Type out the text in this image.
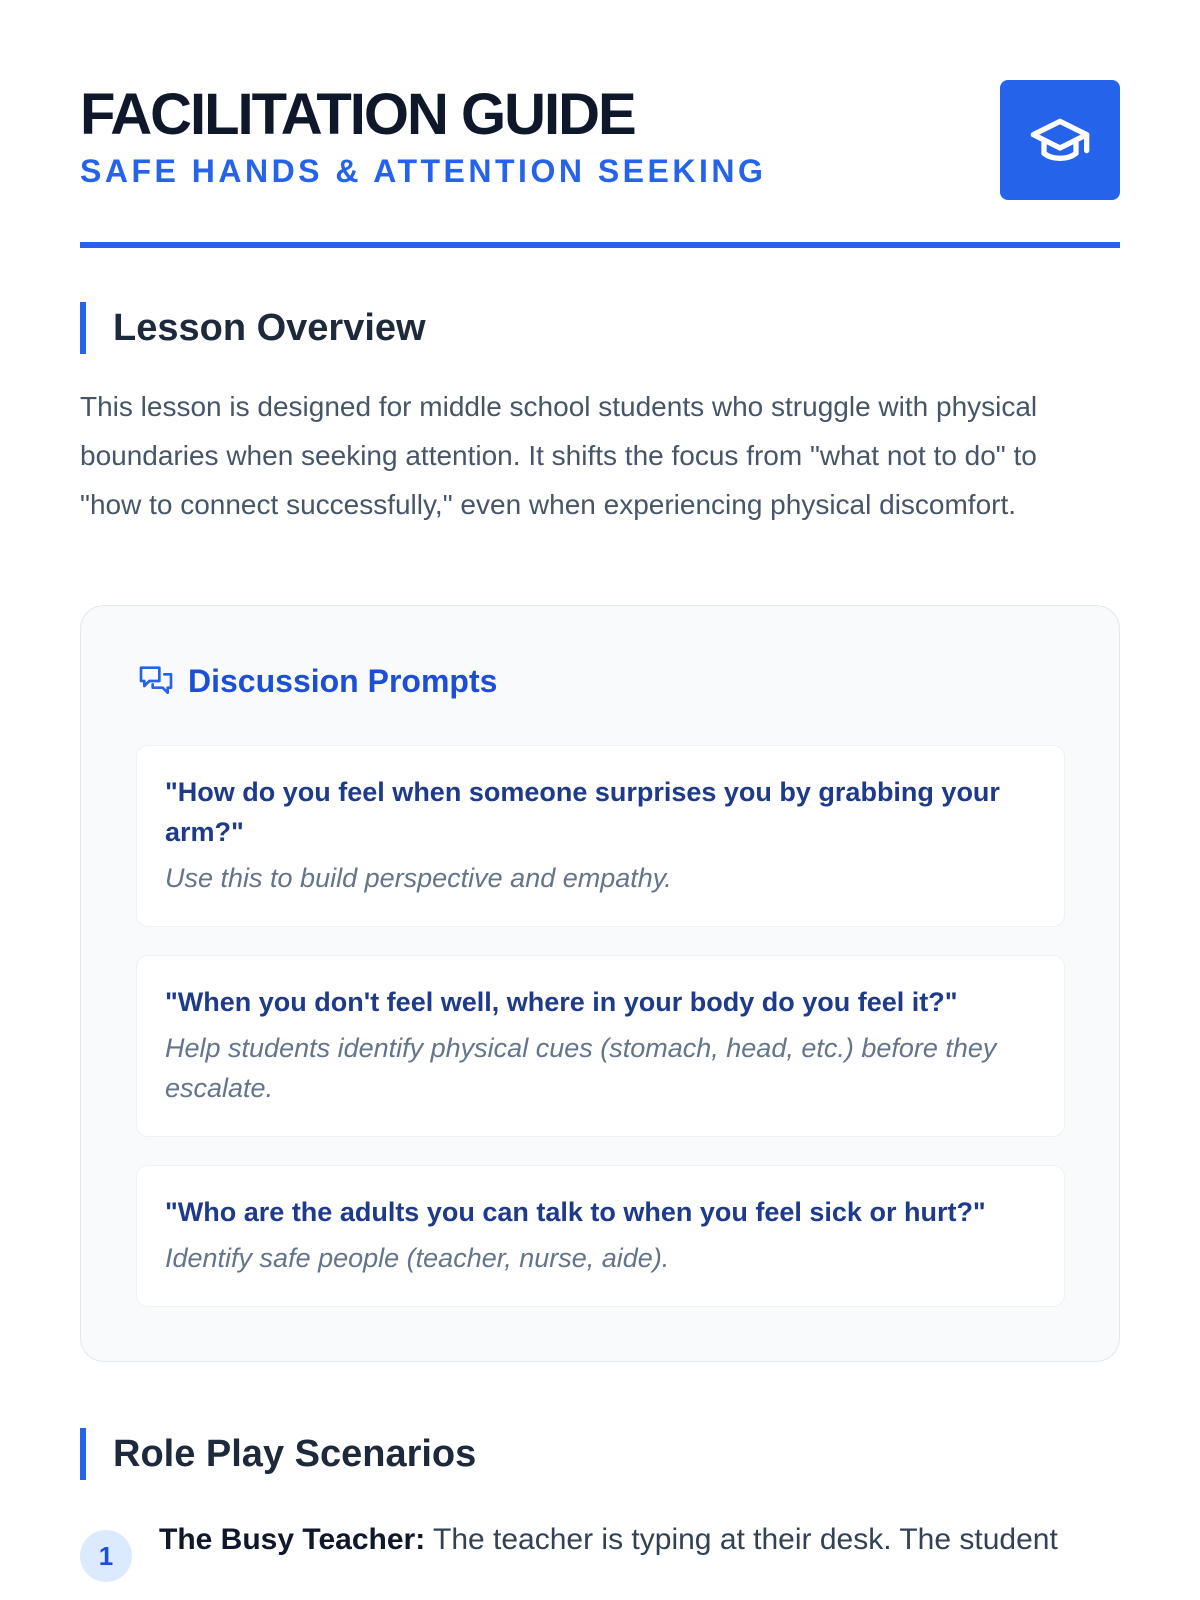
FACILITATION GUIDE
SAFE HANDS & ATTENTION SEEKING
Lesson Overview

This lesson is designed for middle school students who struggle with physical boundaries when seeking attention. It shifts the focus from "what not to do" to "how to connect successfully," even when experiencing physical discomfort.

Discussion Prompts
"How do you feel when someone surprises you by grabbing your arm?"
Use this to build perspective and empathy.
"When you don't feel well, where in your body do you feel it?"
Help students identify physical cues (stomach, head, etc.) before they escalate.
"Who are the adults you can talk to when you feel sick or hurt?"
Identify safe people (teacher, nurse, aide).
Role Play Scenarios
1	The Busy Teacher: The teacher is typing at their desk. The student
